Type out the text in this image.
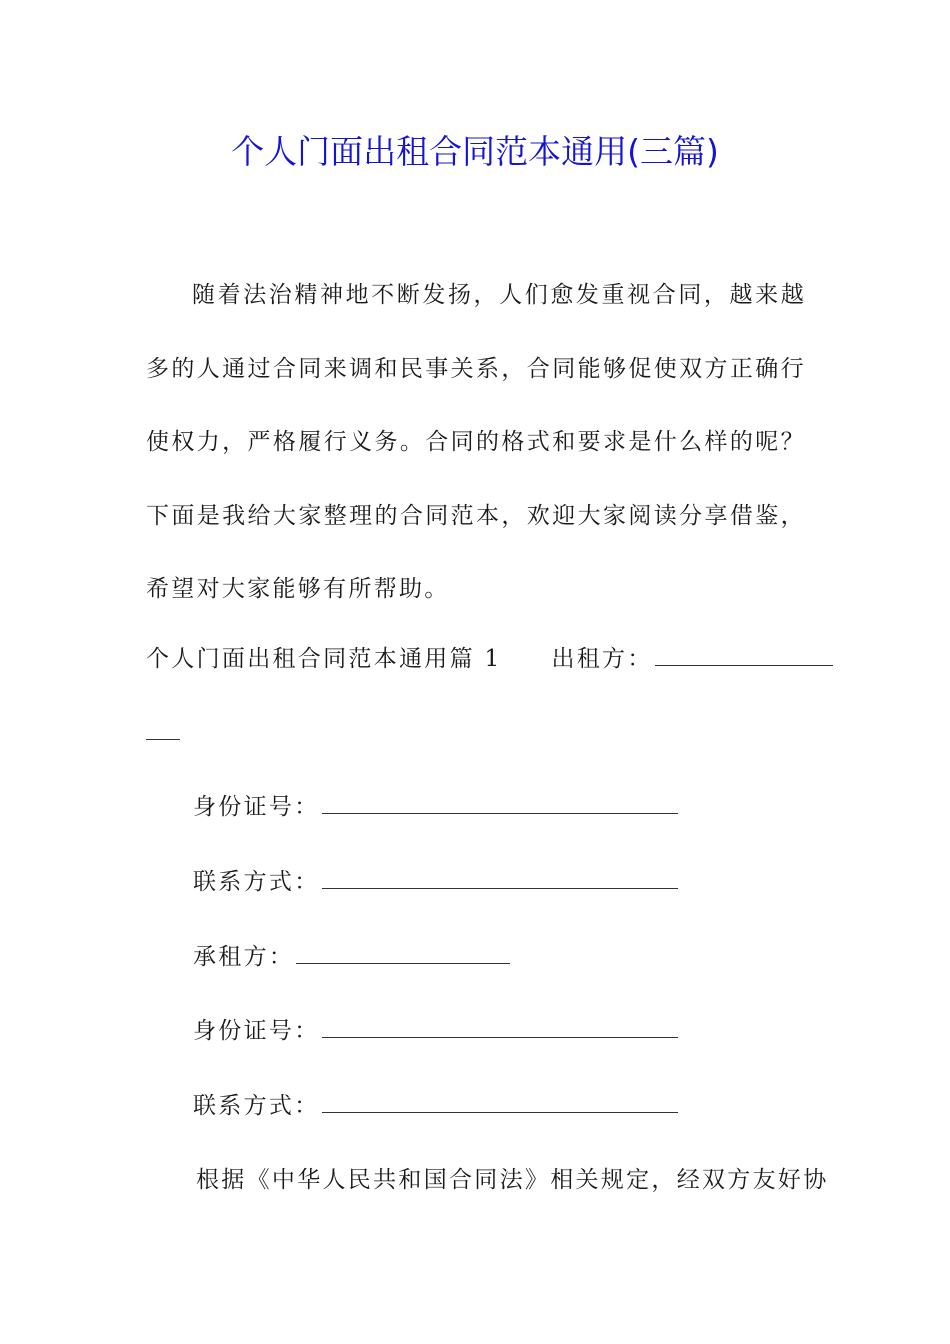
个人门面出租合同范本通用(三篇)

随着法治精神地不断发扬，人们愈发重视合同，越来越多的人通过合同来调和民事关系，合同能够促使双方正确行使权力，严格履行义务。合同的格式和要求是什么样的呢？下面是我给大家整理的合同范本，欢迎大家阅读分享借鉴，希望对大家能够有所帮助。

个人门面出租合同范本通用篇 1 出租方：
身份证号：
联系方式：
承租方：
身份证号：
联系方式：
根据《中华人民共和国合同法》相关规定，经双方友好协
